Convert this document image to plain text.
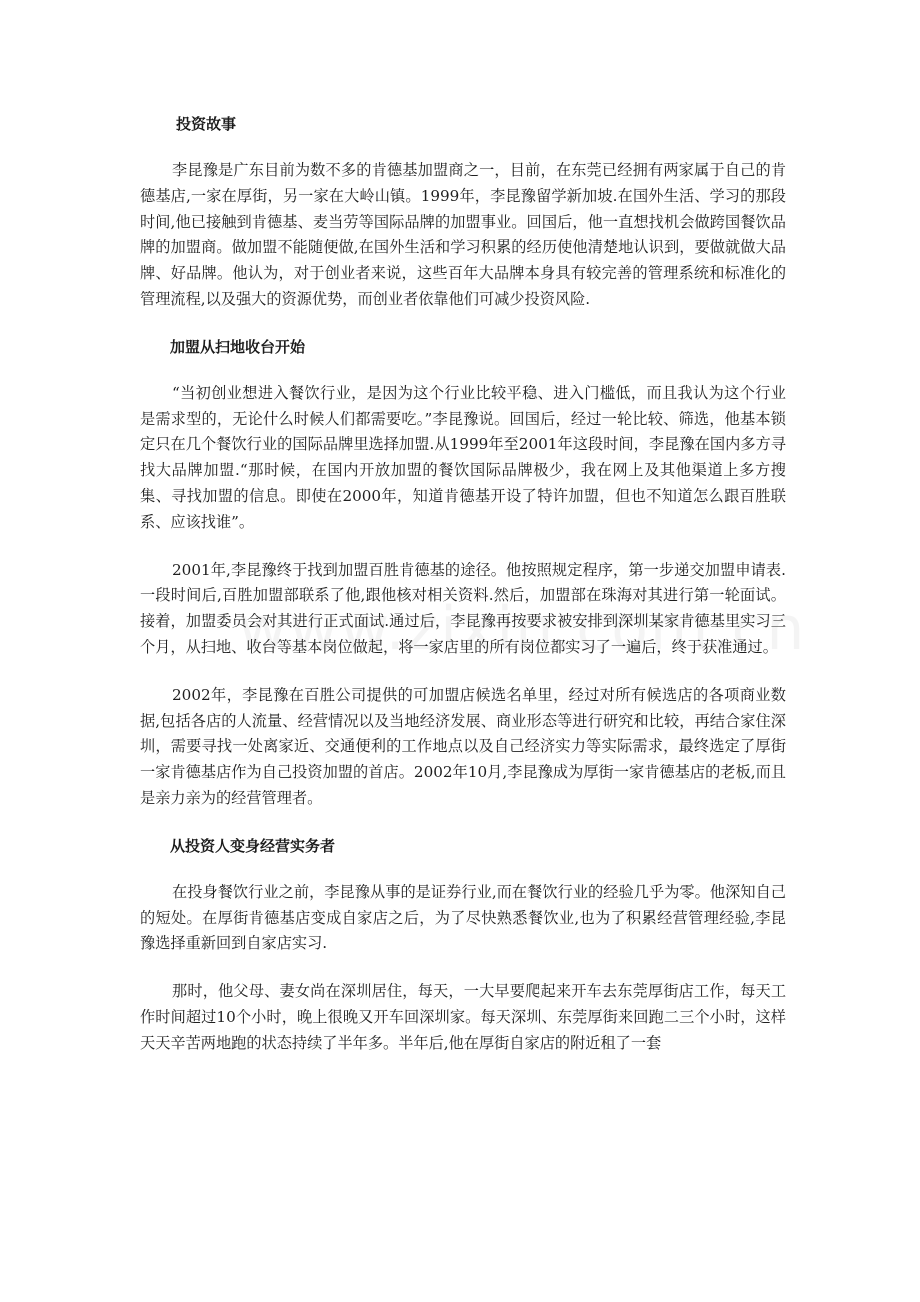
投资故事

李昆豫是广东目前为数不多的肯德基加盟商之一，目前，在东莞已经拥有两家属于自己的肯德基店,一家在厚街，另一家在大岭山镇。1999年，李昆豫留学新加坡.在国外生活、学习的那段时间,他已接触到肯德基、麦当劳等国际品牌的加盟事业。回国后，他一直想找机会做跨国餐饮品牌的加盟商。做加盟不能随便做,在国外生活和学习积累的经历使他清楚地认识到，要做就做大品牌、好品牌。他认为，对于创业者来说，这些百年大品牌本身具有较完善的管理系统和标准化的管理流程,以及强大的资源优势，而创业者依靠他们可减少投资风险.

加盟从扫地收台开始

“当初创业想进入餐饮行业，是因为这个行业比较平稳、进入门槛低，而且我认为这个行业是需求型的，无论什么时候人们都需要吃。”李昆豫说。回国后，经过一轮比较、筛选，他基本锁定只在几个餐饮行业的国际品牌里选择加盟.从1999年至2001年这段时间，李昆豫在国内多方寻找大品牌加盟.“那时候，在国内开放加盟的餐饮国际品牌极少，我在网上及其他渠道上多方搜集、寻找加盟的信息。即使在2000年，知道肯德基开设了特许加盟，但也不知道怎么跟百胜联系、应该找谁”。

2001年,李昆豫终于找到加盟百胜肯德基的途径。他按照规定程序，第一步递交加盟申请表.一段时间后,百胜加盟部联系了他,跟他核对相关资料.然后，加盟部在珠海对其进行第一轮面试。接着，加盟委员会对其进行正式面试.通过后，李昆豫再按要求被安排到深圳某家肯德基里实习三个月，从扫地、收台等基本岗位做起，将一家店里的所有岗位都实习了一遍后，终于获准通过。

2002年，李昆豫在百胜公司提供的可加盟店候选名单里，经过对所有候选店的各项商业数据,包括各店的人流量、经营情况以及当地经济发展、商业形态等进行研究和比较，再结合家住深圳，需要寻找一处离家近、交通便利的工作地点以及自己经济实力等实际需求，最终选定了厚街一家肯德基店作为自己投资加盟的首店。2002年10月,李昆豫成为厚街一家肯德基店的老板,而且是亲力亲为的经营管理者。

从投资人变身经营实务者

在投身餐饮行业之前，李昆豫从事的是证券行业,而在餐饮行业的经验几乎为零。他深知自己的短处。在厚街肯德基店变成自家店之后，为了尽快熟悉餐饮业,也为了积累经营管理经验,李昆豫选择重新回到自家店实习.

那时，他父母、妻女尚在深圳居住，每天，一大早要爬起来开车去东莞厚街店工作，每天工作时间超过10个小时，晚上很晚又开车回深圳家。每天深圳、东莞厚街来回跑二三个小时，这样天天辛苦两地跑的状态持续了半年多。半年后,他在厚街自家店的附近租了一套
